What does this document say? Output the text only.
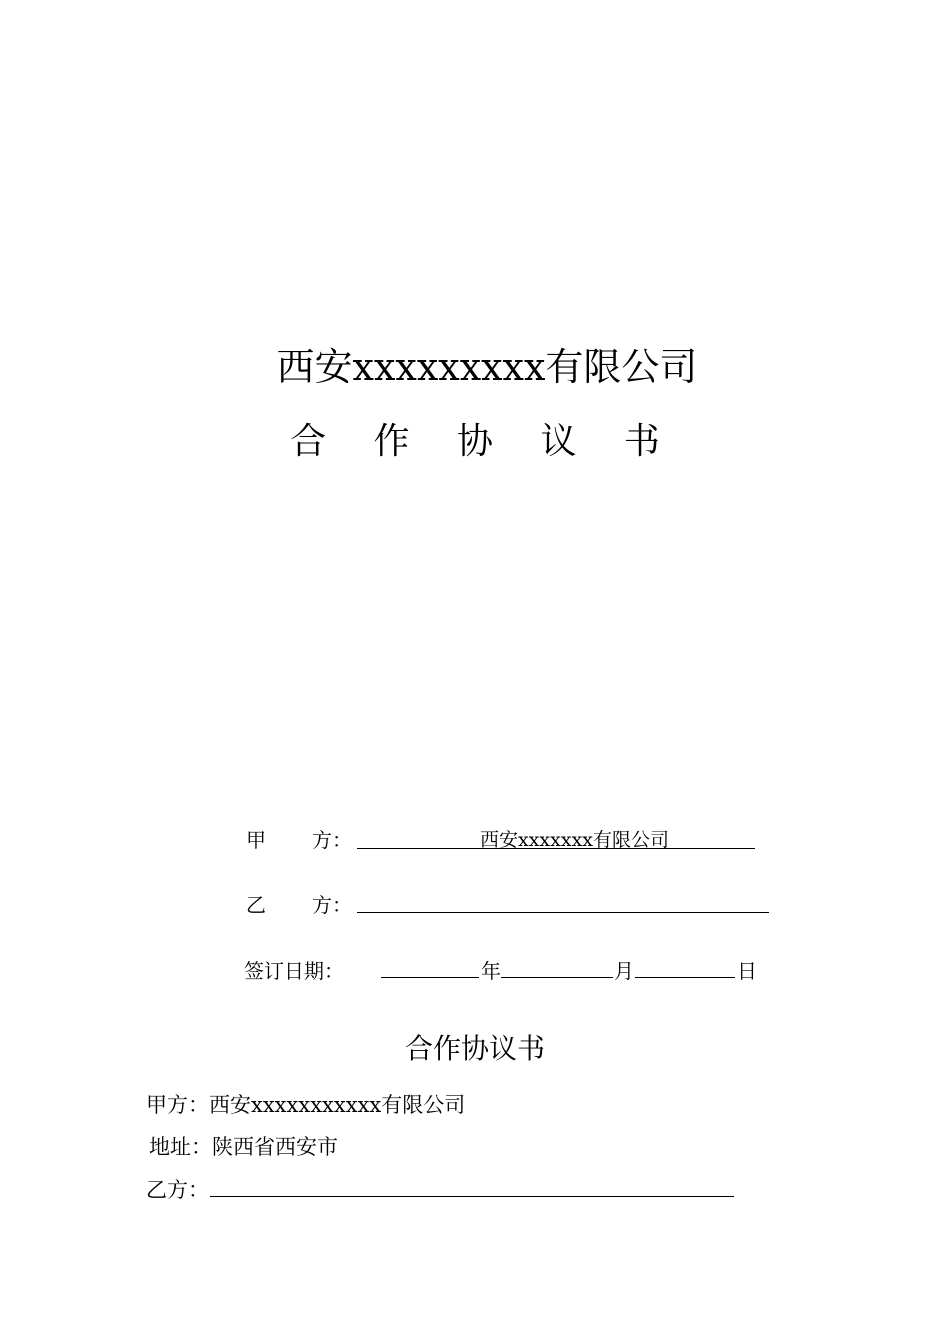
西安xxxxxxxxx有限公司
合 作 协 议 书
甲 方：	西安xxxxxxx有限公司
乙 方：
签订日期：	年	月	日
合作协议书
甲方：西安xxxxxxxxxxx有限公司
地址：陕西省西安市
乙方：
